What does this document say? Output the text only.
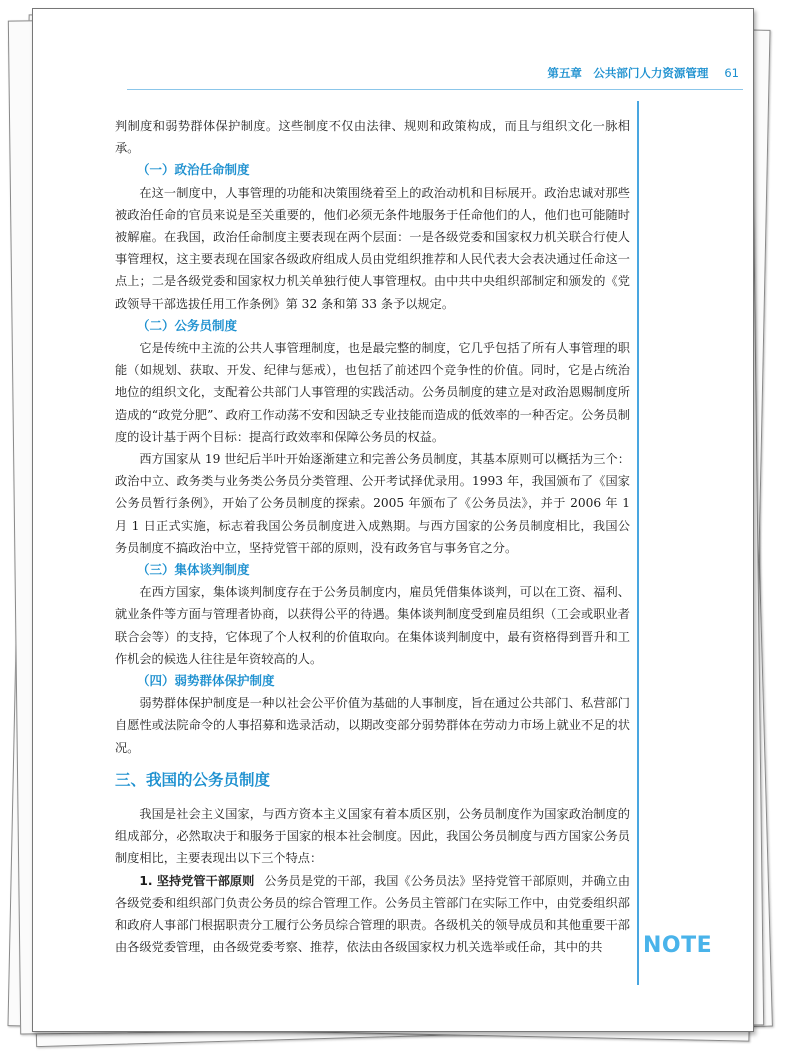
第五章　公共部门人力资源管理 61
NOTE

判制度和弱势群体保护制度。这些制度不仅由法律、规则和政策构成，而且与组织文化一脉相承。

（一）政治任命制度

在这一制度中，人事管理的功能和决策围绕着至上的政治动机和目标展开。政治忠诚对那些被政治任命的官员来说是至关重要的，他们必须无条件地服务于任命他们的人，他们也可能随时被解雇。在我国，政治任命制度主要表现在两个层面：一是各级党委和国家权力机关联合行使人事管理权，这主要表现在国家各级政府组成人员由党组织推荐和人民代表大会表决通过任命这一点上；二是各级党委和国家权力机关单独行使人事管理权。由中共中央组织部制定和颁发的《党政领导干部选拔任用工作条例》第 32 条和第 33 条予以规定。

（二）公务员制度

它是传统中主流的公共人事管理制度，也是最完整的制度，它几乎包括了所有人事管理的职能（如规划、获取、开发、纪律与惩戒），也包括了前述四个竞争性的价值。同时，它是占统治地位的组织文化，支配着公共部门人事管理的实践活动。公务员制度的建立是对政治恩赐制度所造成的“政党分肥”、政府工作动荡不安和因缺乏专业技能而造成的低效率的一种否定。公务员制度的设计基于两个目标：提高行政效率和保障公务员的权益。

西方国家从 19 世纪后半叶开始逐渐建立和完善公务员制度，其基本原则可以概括为三个：政治中立、政务类与业务类公务员分类管理、公开考试择优录用。1993 年，我国颁布了《国家公务员暂行条例》，开始了公务员制度的探索。2005 年颁布了《公务员法》，并于 2006 年 1 月 1 日正式实施，标志着我国公务员制度进入成熟期。与西方国家的公务员制度相比，我国公务员制度不搞政治中立，坚持党管干部的原则，没有政务官与事务官之分。

（三）集体谈判制度

在西方国家，集体谈判制度存在于公务员制度内，雇员凭借集体谈判，可以在工资、福利、就业条件等方面与管理者协商，以获得公平的待遇。集体谈判制度受到雇员组织（工会或职业者联合会等）的支持，它体现了个人权利的价值取向。在集体谈判制度中，最有资格得到晋升和工作机会的候选人往往是年资较高的人。

（四）弱势群体保护制度

弱势群体保护制度是一种以社会公平价值为基础的人事制度，旨在通过公共部门、私营部门自愿性或法院命令的人事招募和选录活动，以期改变部分弱势群体在劳动力市场上就业不足的状况。

三、我国的公务员制度

我国是社会主义国家，与西方资本主义国家有着本质区别，公务员制度作为国家政治制度的组成部分，必然取决于和服务于国家的根本社会制度。因此，我国公务员制度与西方国家公务员制度相比，主要表现出以下三个特点：

1. 坚持党管干部原则 公务员是党的干部，我国《公务员法》坚持党管干部原则，并确立由各级党委和组织部门负责公务员的综合管理工作。公务员主管部门在实际工作中，由党委组织部和政府人事部门根据职责分工履行公务员综合管理的职责。各级机关的领导成员和其他重要干部由各级党委管理，由各级党委考察、推荐，依法由各级国家权力机关选举或任命，其中的共
